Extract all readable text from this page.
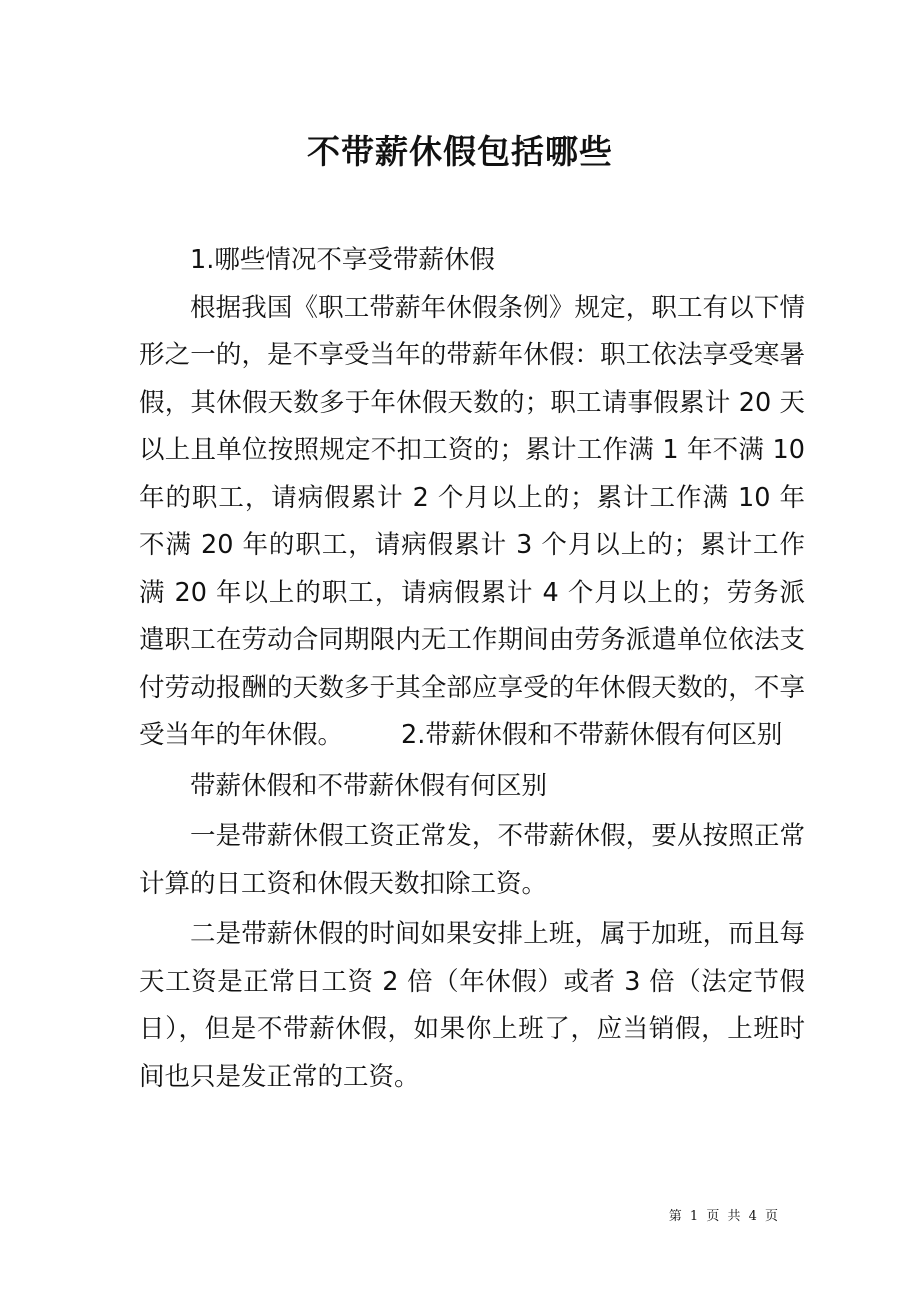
不带薪休假包括哪些

1.哪些情况不享受带薪休假

根据我国《职工带薪年休假条例》规定，职工有以下情形之一的，是不享受当年的带薪年休假：职工依法享受寒暑假，其休假天数多于年休假天数的；职工请事假累计 20 天以上且单位按照规定不扣工资的；累计工作满 1 年不满 10 年的职工，请病假累计 2 个月以上的；累计工作满 10 年不满 20 年的职工，请病假累计 3 个月以上的；累计工作满 20 年以上的职工，请病假累计 4 个月以上的；劳务派遣职工在劳动合同期限内无工作期间由劳务派遣单位依法支付劳动报酬的天数多于其全部应享受的年休假天数的，不享受当年的年休假。 2.带薪休假和不带薪休假有何区别

带薪休假和不带薪休假有何区别

一是带薪休假工资正常发，不带薪休假，要从按照正常计算的日工资和休假天数扣除工资。

二是带薪休假的时间如果安排上班，属于加班，而且每天工资是正常日工资 2 倍（年休假）或者 3 倍（法定节假日），但是不带薪休假，如果你上班了，应当销假，上班时间也只是发正常的工资。

第 1 页 共 4 页
